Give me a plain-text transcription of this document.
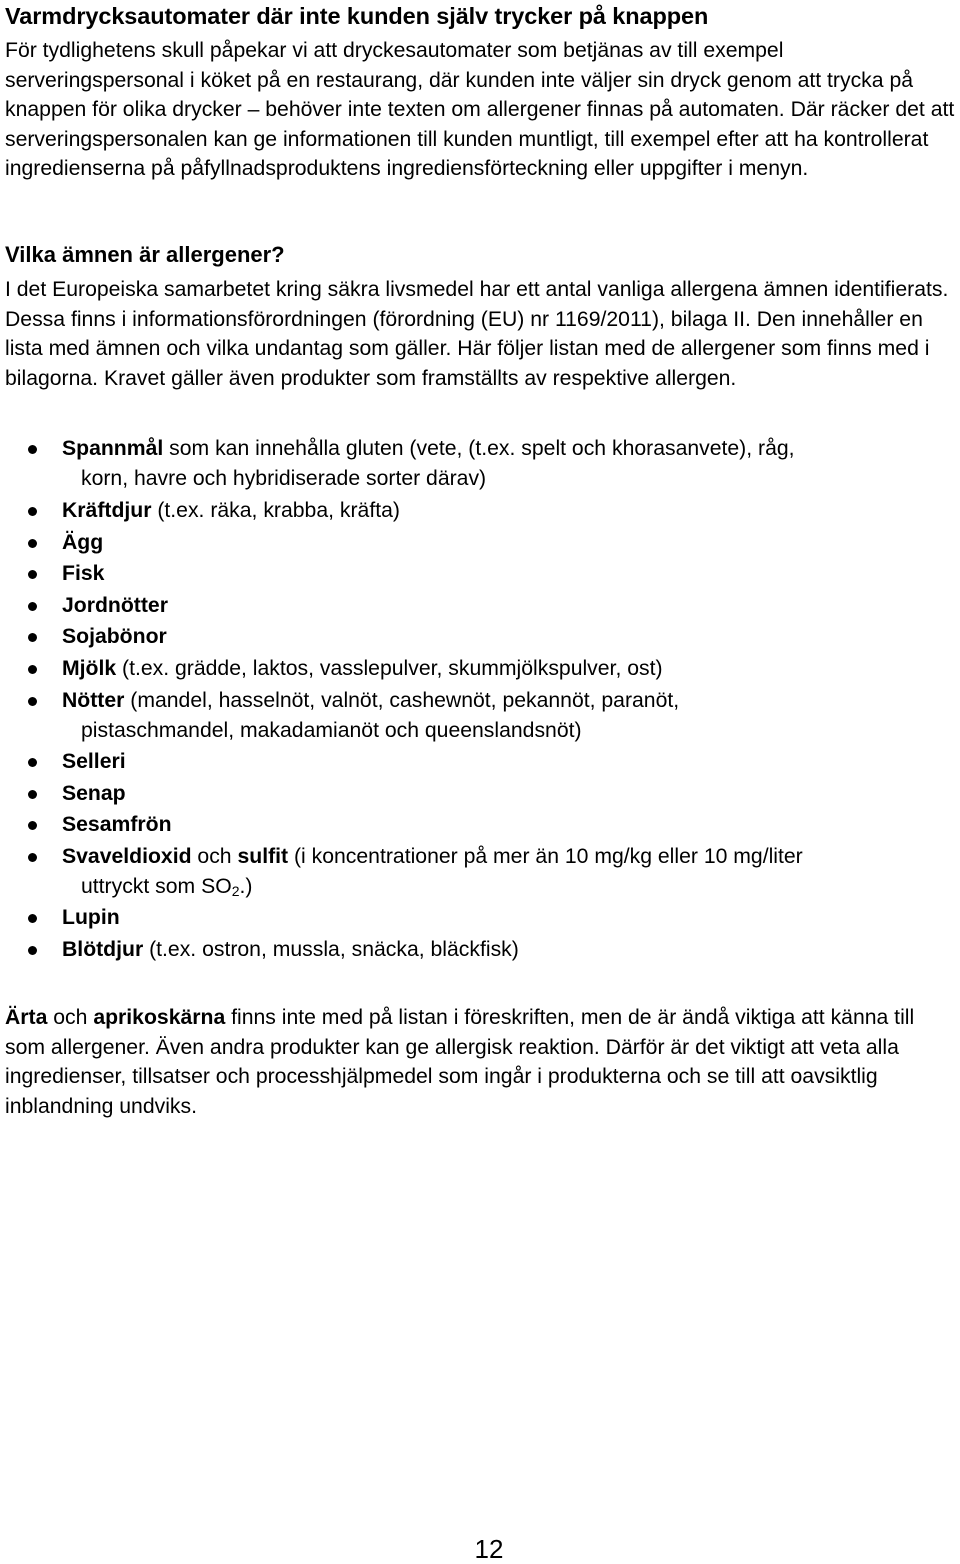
Varmdrycksautomater där inte kunden själv trycker på knappen

För tydlighetens skull påpekar vi att dryckesautomater som betjänas av till exempel serveringspersonal i köket på en restaurang, där kunden inte väljer sin dryck genom att trycka på knappen för olika drycker – behöver inte texten om allergener finnas på automaten. Där räcker det att serveringspersonalen kan ge informationen till kunden muntligt, till exempel efter att ha kontrollerat ingredienserna på påfyllnadsproduktens ingrediensförteckning eller uppgifter i menyn.

Vilka ämnen är allergener?

I det Europeiska samarbetet kring säkra livsmedel har ett antal vanliga allergena ämnen identifierats. Dessa finns i informationsförordningen (förordning (EU) nr 1169/2011), bilaga II. Den innehåller en lista med ämnen och vilka undantag som gäller. Här följer listan med de allergener som finns med i bilagorna. Kravet gäller även produkter som framställts av respektive allergen.

Spannmål som kan innehålla gluten (vete, (t.ex. spelt och khorasanvete), råg,
korn, havre och hybridiserade sorter därav)
Kräftdjur (t.ex. räka, krabba, kräfta)
Ägg
Fisk
Jordnötter
Sojabönor
Mjölk (t.ex. grädde, laktos, vasslepulver, skummjölkspulver, ost)
Nötter (mandel, hasselnöt, valnöt, cashewnöt, pekannöt, paranöt,
pistaschmandel, makadamianöt och queenslandsnöt)
Selleri
Senap
Sesamfrön
Svaveldioxid och sulfit (i koncentrationer på mer än 10 mg/kg eller 10 mg/liter
uttryckt som $SO_2$.)
Lupin
Blötdjur (t.ex. ostron, mussla, snäcka, bläckfisk)

Ärta och aprikoskärna finns inte med på listan i föreskriften, men de är ändå viktiga att känna till som allergener. Även andra produkter kan ge allergisk reaktion. Därför är det viktigt att veta alla ingredienser, tillsatser och processhjälpmedel som ingår i produkterna och se till att oavsiktlig inblandning undviks.

12
